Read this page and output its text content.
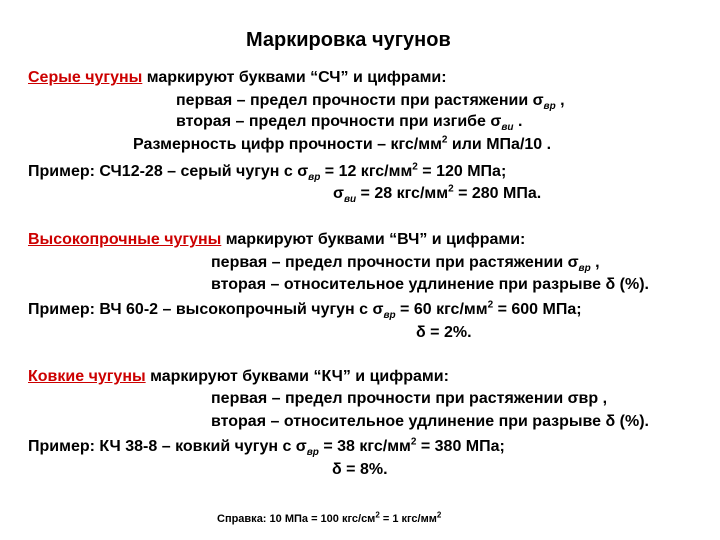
Маркировка чугунов
Серые чугуны маркируют буквами “СЧ” и цифрами:
первая – предел прочности при растяжении $\sigma_{вр}$ ,
вторая – предел прочности при изгибе $\sigma_{ви}$ .
Размерность цифр прочности – кгс/$мм^2$ или МПа/10 .
Пример: СЧ12-28 – серый чугун с $\sigma_{вр} = 12$ кгс/$мм^2 = 120$ МПа;
$\sigma_{ви} = 28$ кгс/$мм^2 = 280$ МПа.
Высокопрочные чугуны маркируют буквами “ВЧ” и цифрами:
первая – предел прочности при растяжении $\sigma_{вр}$ ,
вторая – относительное удлинение при разрыве δ (%).
Пример: ВЧ 60-2 – высокопрочный чугун с $\sigma_{вр} = 60$ кгс/$мм^2 = 600$ МПа;
δ = 2%.
Ковкие чугуны маркируют буквами “КЧ” и цифрами:
первая – предел прочности при растяжении σвр ,
вторая – относительное удлинение при разрыве δ (%).
Пример: КЧ 38-8 – ковкий чугун с $\sigma_{вр} = 38$ кгс/$мм^2 = 380$ МПа;
δ = 8%.
Справка: 10 МПа = 100 кгс/$см^2 = 1$ кгс/$мм^2$
